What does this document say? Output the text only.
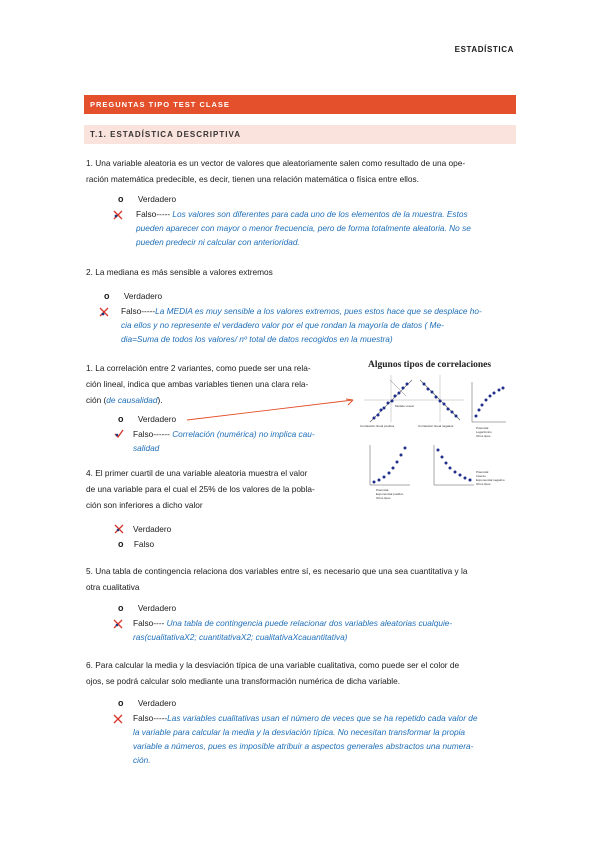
ESTADÍSTICA
PREGUNTAS TIPO TEST CLASE
T.1. ESTADÍSTICA DESCRIPTIVA
1. Una variable aleatoria es un vector de valores que aleatoriamente salen como resultado de una ope-
ración matemática predecible, es decir, tienen una relación matemática o física entre ellos.
o Verdadero
Falso----- Los valores son diferentes para cada uno de los elementos de la muestra. Estos
pueden aparecer con mayor o menor frecuencia, pero de forma totalmente aleatoria. No se
pueden predecir ni calcular con anterioridad.
2. La mediana es más sensible a valores extremos
o Verdadero
Falso-----La MEDIA es muy sensible a los valores extremos, pues estos hace que se desplace ho-
cia ellos y no represente el verdadero valor por el que rondan la mayoría de datos ( Me-
dia=Suma de todos los valores/ nº total de datos recogidos en la muestra)
1. La correlación entre 2 variantes, como puede ser una rela-
ción lineal, indica que ambas variables tienen una clara rela-
ción (de causalidad).
o Verdadero
Falso------ Correlación (numérica) no implica cau-
salidad
Algunos tipos de correlaciones
Modelo Lineal
Correlación lineal positiva	Correlación lineal negativa	Potencial
Logarítmico
Otros tipos
Potencial
Exponencial positivo
Otros tipos
Potencial
Inverso
Exponencial negativo
Otros tipos
4. El primer cuartil de una variable aleatoria muestra el valor
de una variable para el cual el 25% de los valores de la pobla-
ción son inferiores a dicho valor
Verdadero
o Falso
5. Una tabla de contingencia relaciona dos variables entre sí, es necesario que una sea cuantitativa y la
otra cualitativa
o Verdadero
Falso---- Una tabla de contingencia puede relacionar dos variables aleatorias cualquie-
ras(cualitativaX2; cuantitativaX2; cualitativaXcauantitativa)
6. Para calcular la media y la desviación típica de una variable cualitativa, como puede ser el color de
ojos, se podrá calcular solo mediante una transformación numérica de dicha variable.
o Verdadero
Falso-----Las variables cualitativas usan el número de veces que se ha repetido cada valor de
la variable para calcular la media y la desviación típica. No necesitan transformar la propia
variable a números, pues es imposible atribuir a aspectos generales abstractos una numera-
ción.
